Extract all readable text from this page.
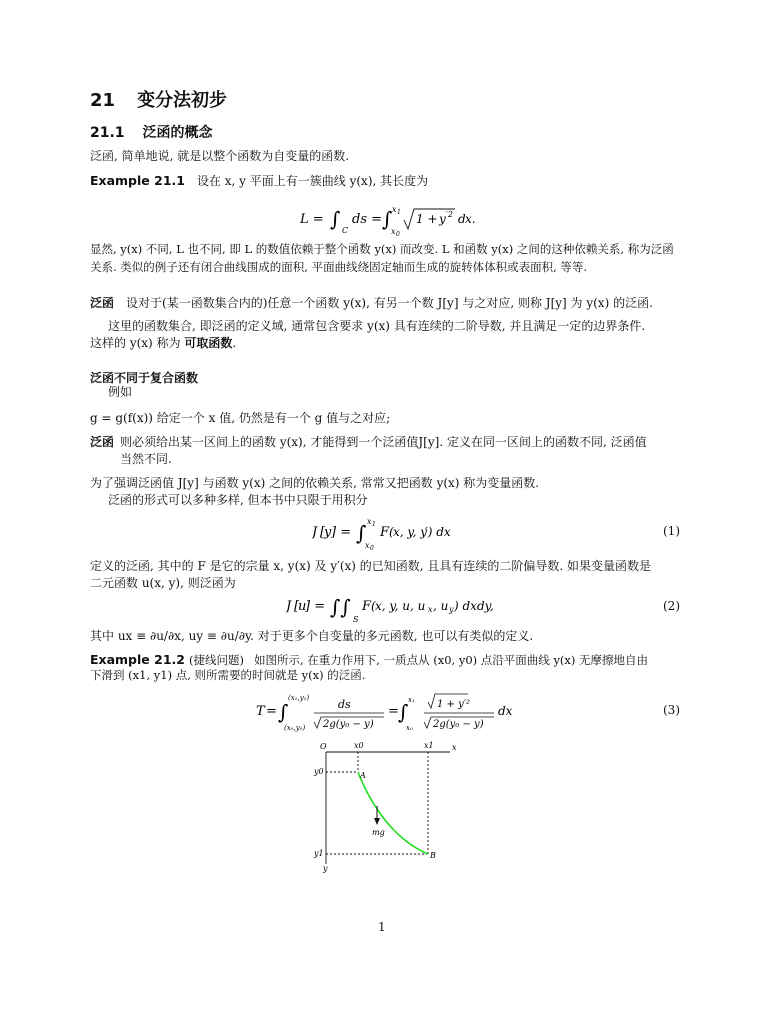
21 变分法初步
21.1 泛函的概念
泛函, 简单地说, 就是以整个函数为自变量的函数.
Example 21.1 设在 x, y 平面上有一簇曲线 y(x), 其长度为
L = ∫ C
ds = ∫ x 1
x 0
1 + y ′2 d x.
显然, y(x) 不同, L 也不同, 即 L 的数值依赖于整个函数 y(x) 而改变. L 和函数 y(x) 之间的这种依赖关系, 称为泛函关系. 类似的例子还有闭合曲线围成的面积, 平面曲线绕固定轴而生成的旋转体体积或表面积, 等等.
泛函 设对于(某一函数集合内的)任意一个函数 y(x), 有另一个数 J[y] 与之对应, 则称 J[y] 为 y(x) 的泛函.
这里的函数集合, 即泛函的定义域, 通常包含要求 y(x) 具有连续的二阶导数, 并且满足一定的边界条件.
这样的 y(x) 称为 可取函数.
泛函不同于复合函数
例如
g = g(f(x)) 给定一个 x 值, 仍然是有一个 g 值与之对应;
泛函 则必须给出某一区间上的函数 y(x), 才能得到一个泛函值J[y]. 定义在同一区间上的函数不同, 泛函值
当然不同.
为了强调泛函值 J[y] 与函数 y(x) 之间的依赖关系, 常常又把函数 y(x) 称为变量函数.
泛函的形式可以多种多样, 但本书中只限于用积分
J [
y ] = ∫ x 1
x 0
F ( x, y, y
′) dx	(1)
定义的泛函, 其中的 F 是它的宗量 x, y(x) 及 y′(x) 的已知函数, 且具有连续的二阶偏导数. 如果变量函数是
二元函数 u(x, y), 则泛函为
J [
u
] = ∫∫
S
F ( x, y, u, u x , u y ) dxdy,	(2)
其中 ux ≡ ∂u/∂x, uy ≡ ∂u/∂y. 对于更多个自变量的多元函数, 也可以有类似的定义.
Example 21.2 (捷线问题) 如图所示, 在重力作用下, 一质点从 (x0, y0) 点沿平面曲线 y(x) 无摩擦地自由
下滑到 (x1, y1) 点, 则所需要的时间就是 y(x) 的泛函.
T = ∫
(x₁,y₁)
(x₀,y₀)
ds
2g(y₀ − y)
= ∫ x₁
x₀
1 + y′²
2g(y₀ − y)
dx	(3)
O	x0	x1 x
y0
y1
y
A
B
mg
1
